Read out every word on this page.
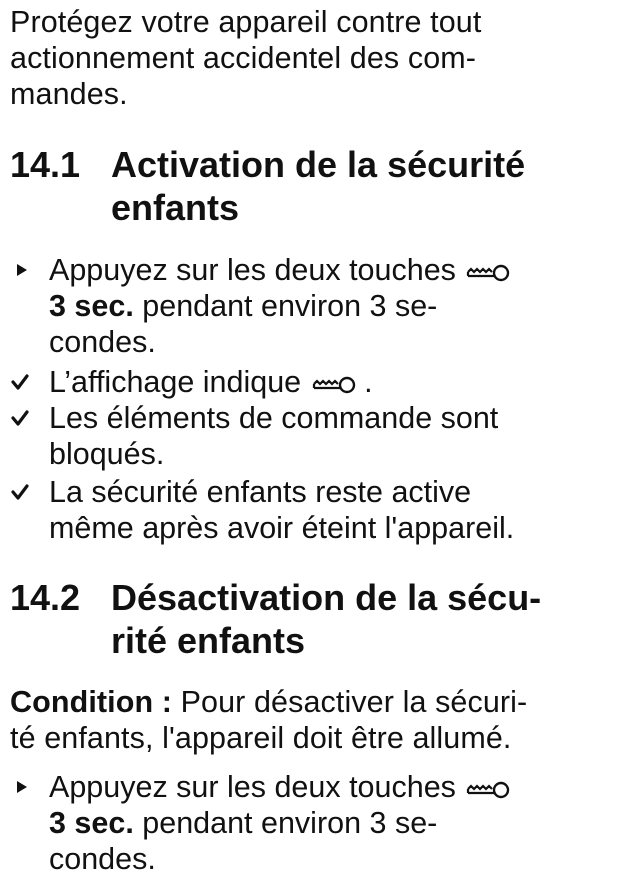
Protégez votre appareil contre tout
actionnement accidentel des com-
mandes.
14.1 Activation de la sécurité
enfants
Appuyez sur les deux touches
3 sec. pendant environ 3 se-
condes.
L’affichage indique  .
Les éléments de commande sont
bloqués.
La sécurité enfants reste active
même après avoir éteint l'appareil.
14.2 Désactivation de la sécu-
rité enfants
Condition : Pour désactiver la sécuri-
té enfants, l'appareil doit être allumé.
Appuyez sur les deux touches
3 sec. pendant environ 3 se-
condes.
